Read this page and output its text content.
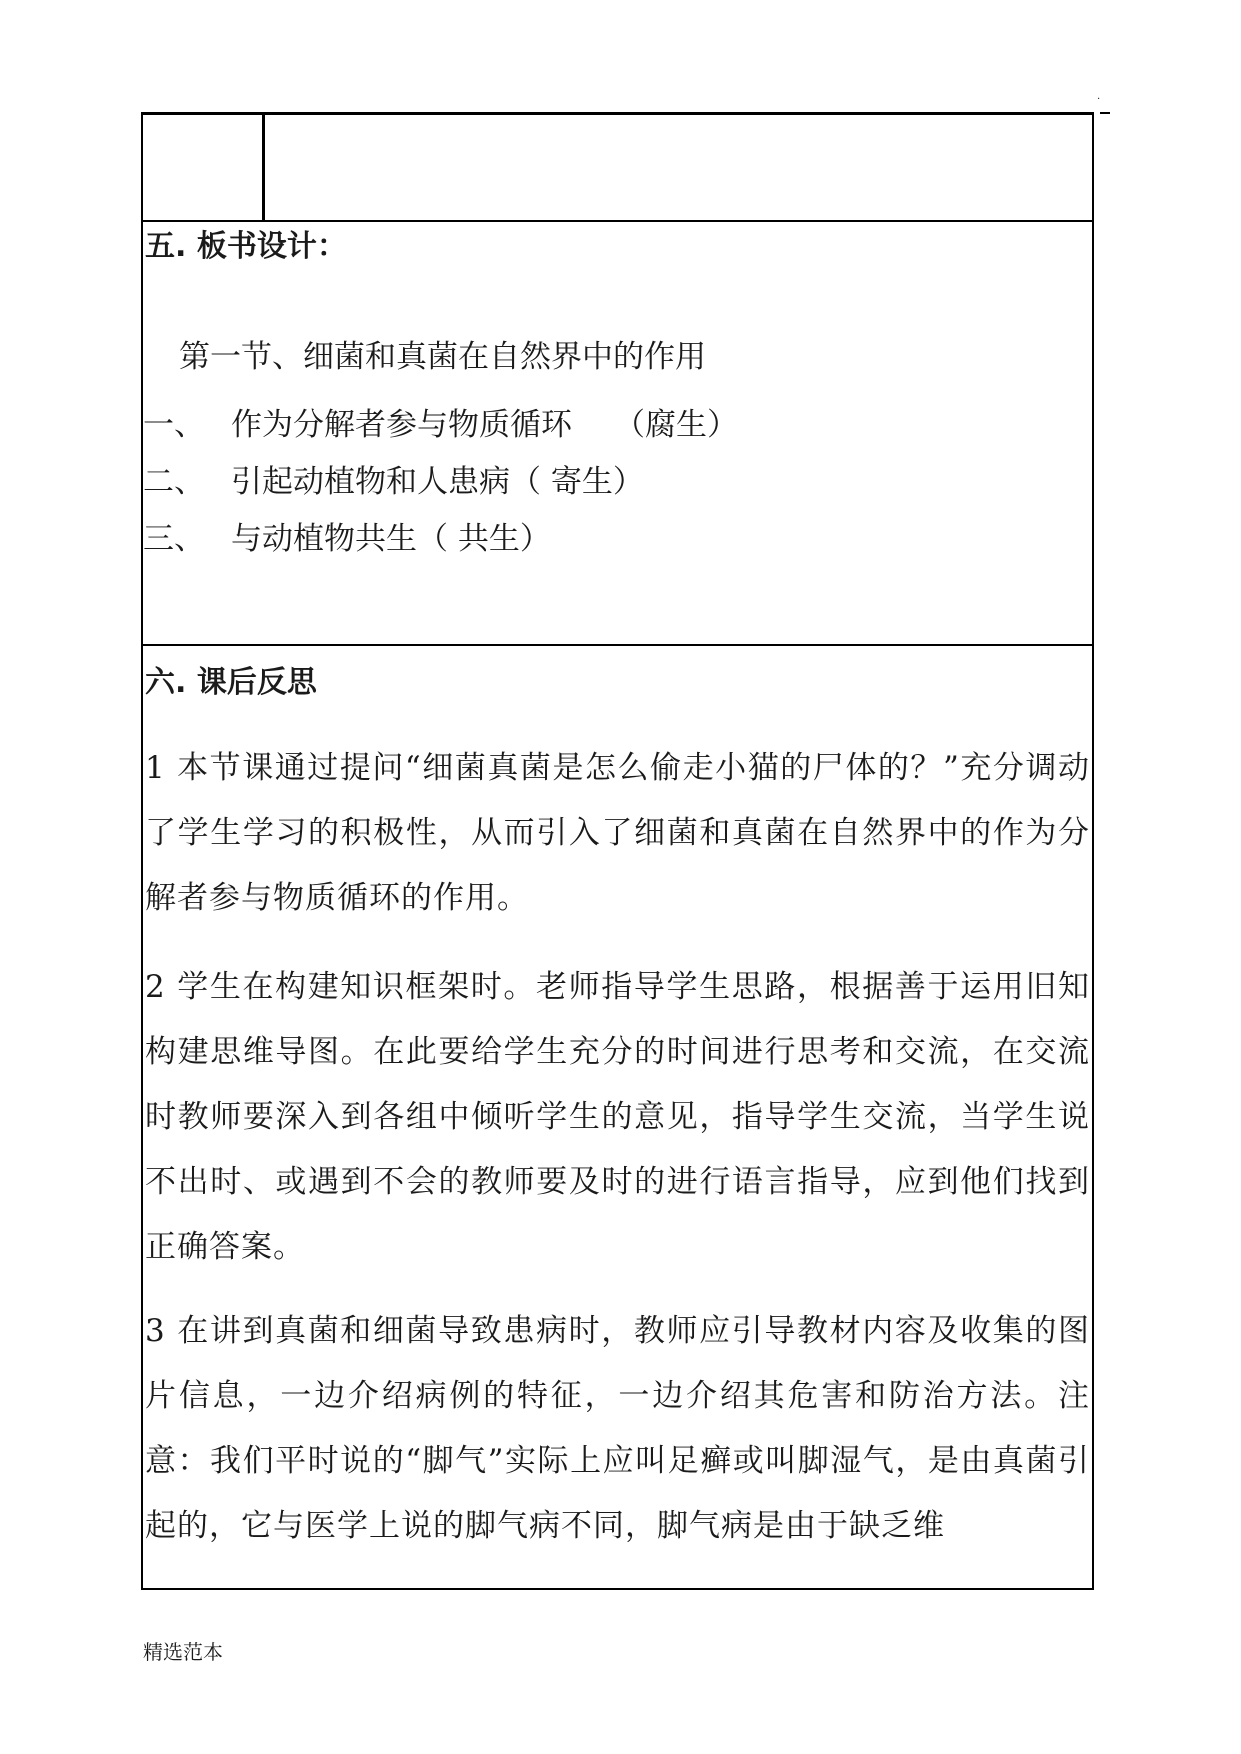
.
五. 板书设计：
第一节、细菌和真菌在自然界中的作用
一、 作为分解者参与物质循环 （腐生）
二、 引起动植物和人患病（ 寄生）
三、 与动植物共生（ 共生）
六. 课后反思
1 本节课通过提问“细菌真菌是怎么偷走小猫的尸体的？”充分调动了学生学习的积极性，从而引入了细菌和真菌在自然界中的作为分解者参与物质循环的作用。
2 学生在构建知识框架时。老师指导学生思路，根据善于运用旧知构建思维导图。在此要给学生充分的时间进行思考和交流，在交流时教师要深入到各组中倾听学生的意见，指导学生交流，当学生说不出时、或遇到不会的教师要及时的进行语言指导，应到他们找到正确答案。
3 在讲到真菌和细菌导致患病时，教师应引导教材内容及收集的图片信息，一边介绍病例的特征，一边介绍其危害和防治方法。注意：我们平时说的“脚气”实际上应叫足癣或叫脚湿气，是由真菌引起的，它与医学上说的脚气病不同，脚气病是由于缺乏维
精选范本
